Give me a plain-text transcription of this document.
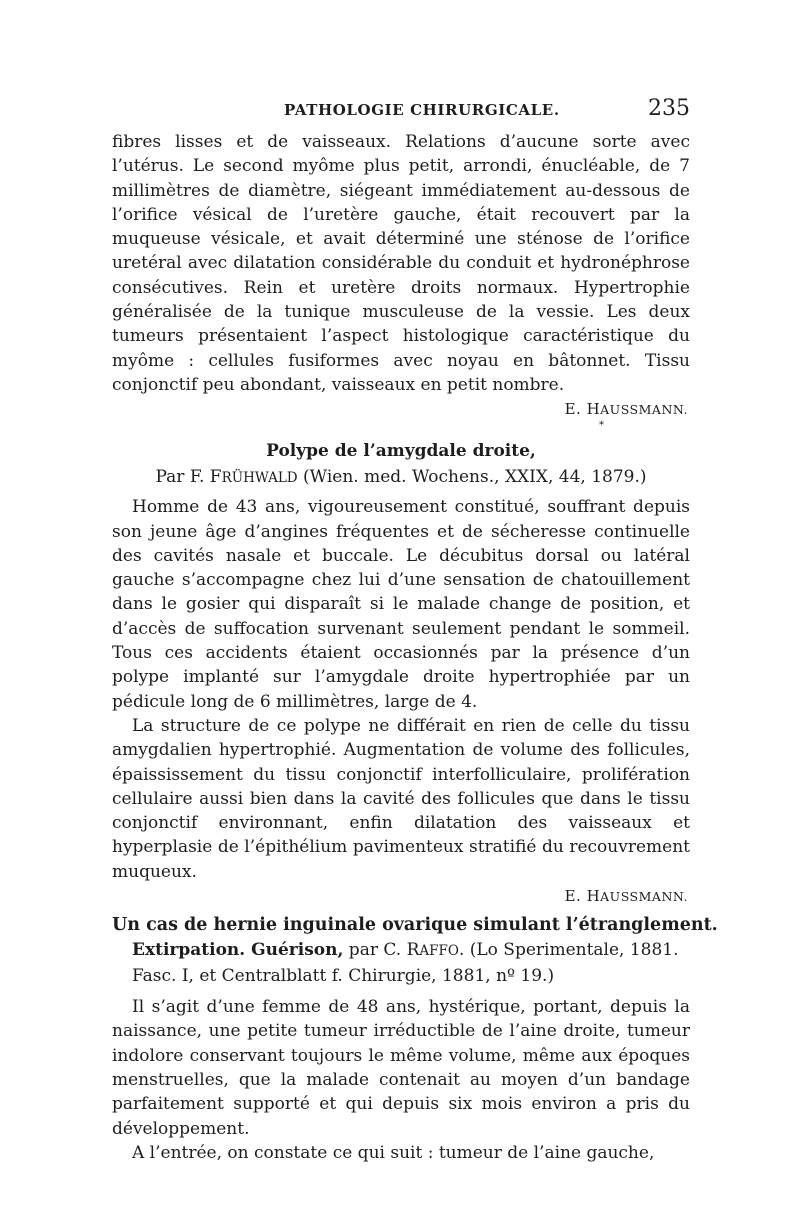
PATHOLOGIE CHIRURGICALE.	235

fibres lisses et de vaisseaux. Relations d’aucune sorte avec l’utérus. Le second myôme plus petit, arrondi, énucléable, de 7 millimètres de diamètre, siégeant immédiatement au-dessous de l’orifice vésical de l’uretère gauche, était recouvert par la muqueuse vésicale, et avait déterminé une sténose de l’orifice uretéral avec dilatation considérable du conduit et hydronéphrose consécutives. Rein et uretère droits normaux. Hypertrophie généralisée de la tunique musculeuse de la vessie. Les deux tumeurs présentaient l’aspect histologique caractéristique du myôme : cellules fusiformes avec noyau en bâtonnet. Tissu conjonctif peu abondant, vaisseaux en petit nombre.

E. HAUSSMANN.
*
Polype de l’amygdale droite,
Par F. FRÜHWALD (Wien. med. Wochens., XXIX, 44, 1879.)

Homme de 43 ans, vigoureusement constitué, souffrant depuis son jeune âge d’angines fréquentes et de sécheresse continuelle des cavités nasale et buccale. Le décubitus dorsal ou latéral gauche s’accompagne chez lui d’une sensation de chatouillement dans le gosier qui disparaît si le malade change de position, et d’accès de suffocation survenant seulement pendant le sommeil. Tous ces accidents étaient occasionnés par la présence d’un polype implanté sur l’amygdale droite hypertrophiée par un pédicule long de 6 millimètres, large de 4.

La structure de ce polype ne différait en rien de celle du tissu amygdalien hypertrophié. Augmentation de volume des follicules, épaississement du tissu conjonctif interfolliculaire, prolifération cellulaire aussi bien dans la cavité des follicules que dans le tissu conjonctif environnant, enfin dilatation des vaisseaux et hyperplasie de l’épithélium pavimenteux stratifié du recouvrement muqueux.

E. HAUSSMANN.
Un cas de hernie inguinale ovarique simulant l’étranglement.
Extirpation. Guérison, par C. RAFFO. (Lo Sperimentale, 1881. Fasc. I, et Centralblatt f. Chirurgie, 1881, nº 19.)

Il s’agit d’une femme de 48 ans, hystérique, portant, depuis la naissance, une petite tumeur irréductible de l’aine droite, tumeur indolore conservant toujours le même volume, même aux époques menstruelles, que la malade contenait au moyen d’un bandage parfaitement supporté et qui depuis six mois environ a pris du développement.

A l’entrée, on constate ce qui suit : tumeur de l’aine gauche,
